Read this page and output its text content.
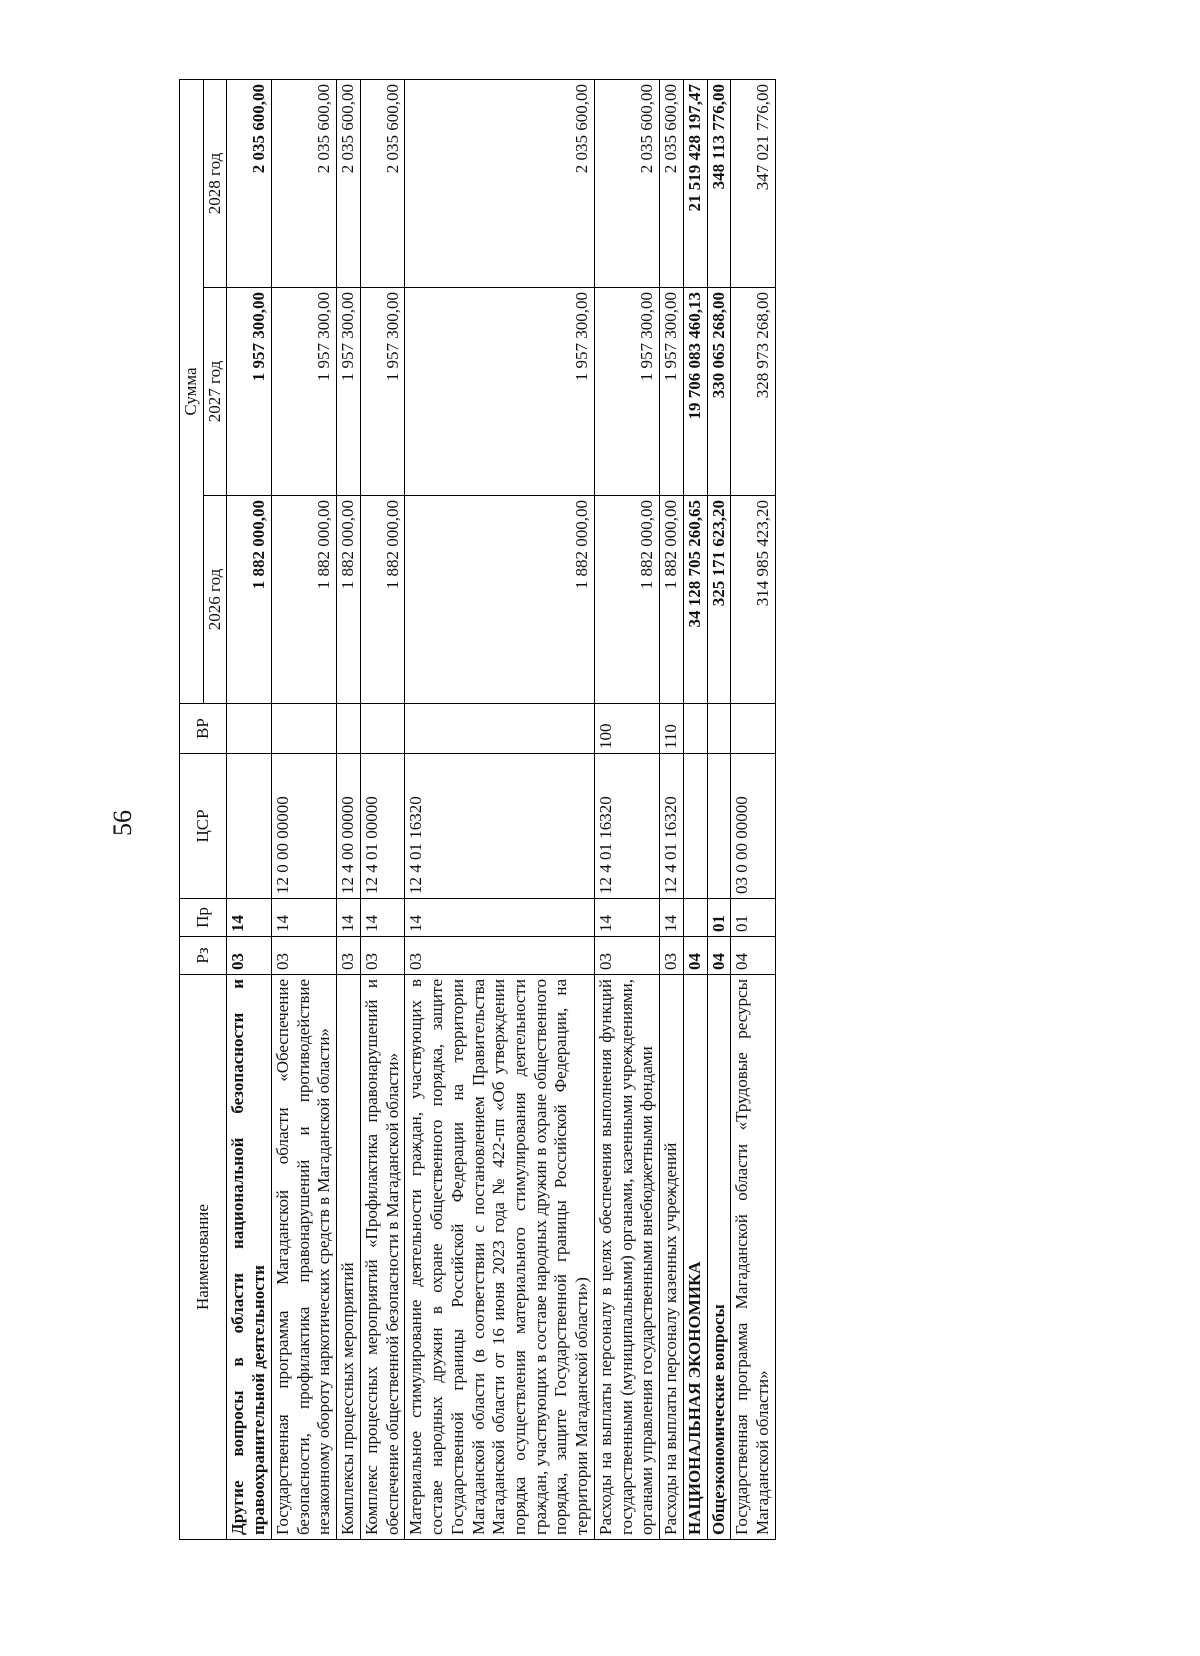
56
Наименование	Рз	Пр	ЦСР	ВР	Сумма		
					2026 год	2027 год	2028 год
Другие вопросы в области национальной безопасности и правоохранительной деятельности	03	14			1 882 000,00	1 957 300,00	2 035 600,00
Государственная программа Магаданской области «Обеспечение безопасности, профилактика правонарушений и противодействие незаконному обороту наркотических средств в Магаданской области»	03	14	12 0 00 00000		1 882 000,00	1 957 300,00	2 035 600,00
Комплексы процессных мероприятий	03	14	12 4 00 00000		1 882 000,00	1 957 300,00	2 035 600,00
Комплекс процессных мероприятий «Профилактика правонарушений и обеспечение общественной безопасности в Магаданской области»	03	14	12 4 01 00000		1 882 000,00	1 957 300,00	2 035 600,00
Материальное стимулирование деятельности граждан, участвующих в составе народных дружин в охране общественного порядка, защите Государственной границы Российской Федерации на территории Магаданской области (в соответствии с постановлением Правительства Магаданской области от 16 июня 2023 года № 422-пп «Об утверждении порядка осуществления материального стимулирования деятельности граждан, участвующих в составе народных дружин в охране общественного порядка, защите Государственной границы Российской Федерации, на территории Магаданской области»)	03	14	12 4 01 16320		1 882 000,00	1 957 300,00	2 035 600,00
Расходы на выплаты персоналу в целях обеспечения выполнения функций государственными (муниципальными) органами, казенными учреждениями, органами управления государственными внебюджетными фондами	03	14	12 4 01 16320	100	1 882 000,00	1 957 300,00	2 035 600,00
Расходы на выплаты персоналу казенных учреждений	03	14	12 4 01 16320	110	1 882 000,00	1 957 300,00	2 035 600,00
НАЦИОНАЛЬНАЯ ЭКОНОМИКА	04				34 128 705 260,65	19 706 083 460,13	21 519 428 197,47
Общеэкономические вопросы	04	01			325 171 623,20	330 065 268,00	348 113 776,00
Государственная программа Магаданской области «Трудовые ресурсы Магаданской области»	04	01	03 0 00 00000		314 985 423,20	328 973 268,00	347 021 776,00
